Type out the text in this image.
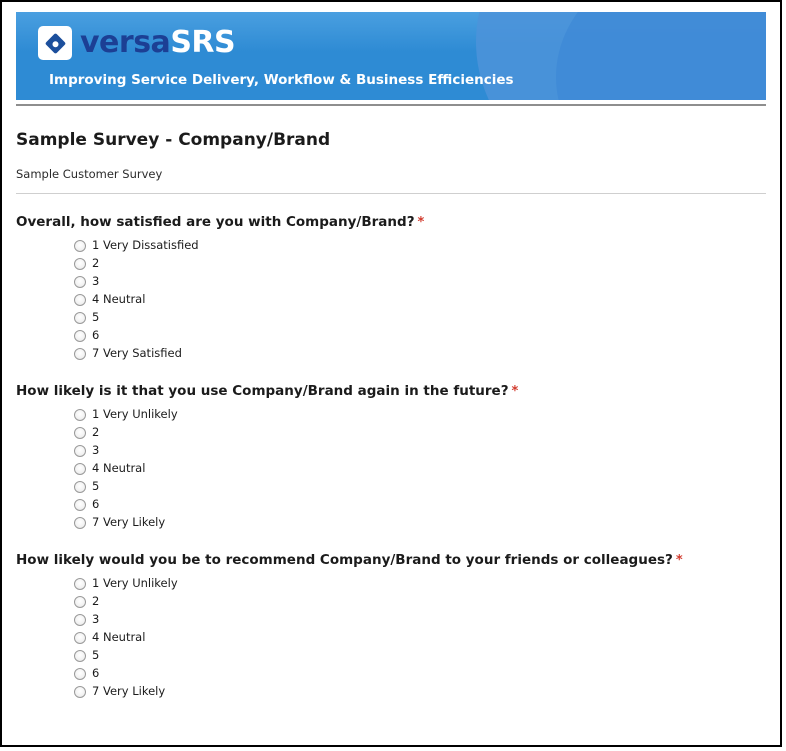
versaSRS
Improving Service Delivery, Workflow & Business Efficiencies
Sample Survey - Company/Brand
Sample Customer Survey
Overall, how satisfied are you with Company/Brand? *
1 Very Dissatisfied
2
3
4 Neutral
5
6
7 Very Satisfied
How likely is it that you use Company/Brand again in the future? *
1 Very Unlikely
2
3
4 Neutral
5
6
7 Very Likely
How likely would you be to recommend Company/Brand to your friends or colleagues? *
1 Very Unlikely
2
3
4 Neutral
5
6
7 Very Likely
